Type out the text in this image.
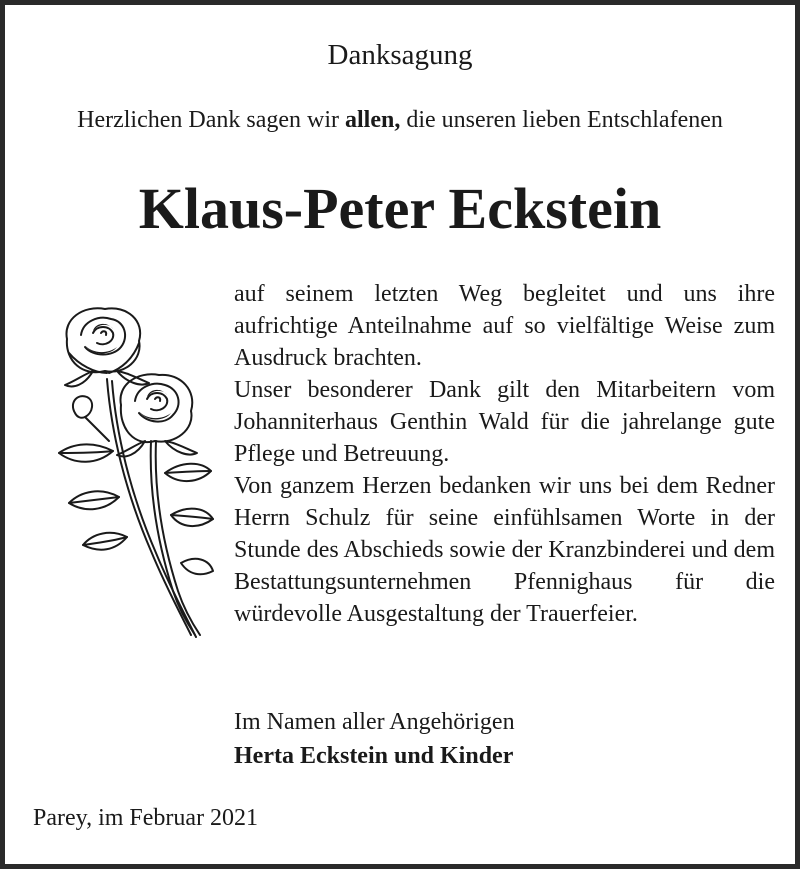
Danksagung
Herzlichen Dank sagen wir allen, die unseren lieben Entschlafenen
Klaus-Peter Eckstein

auf seinem letzten Weg begleitet und uns ihre aufrichtige Anteilnahme auf so vielfältige Weise zum Ausdruck brachten.

Unser besonderer Dank gilt den Mitarbeitern vom Johanniterhaus Genthin Wald für die jahrelange gute Pflege und Betreuung.

Von ganzem Herzen bedanken wir uns bei dem Redner Herrn Schulz für seine einfühlsamen Worte in der Stunde des Abschieds sowie der Kranzbinderei und dem Bestattungsunternehmen Pfennighaus für die würdevolle Ausgestaltung der Trauerfeier.

Im Namen aller Angehörigen
Herta Eckstein und Kinder
Parey, im Februar 2021
